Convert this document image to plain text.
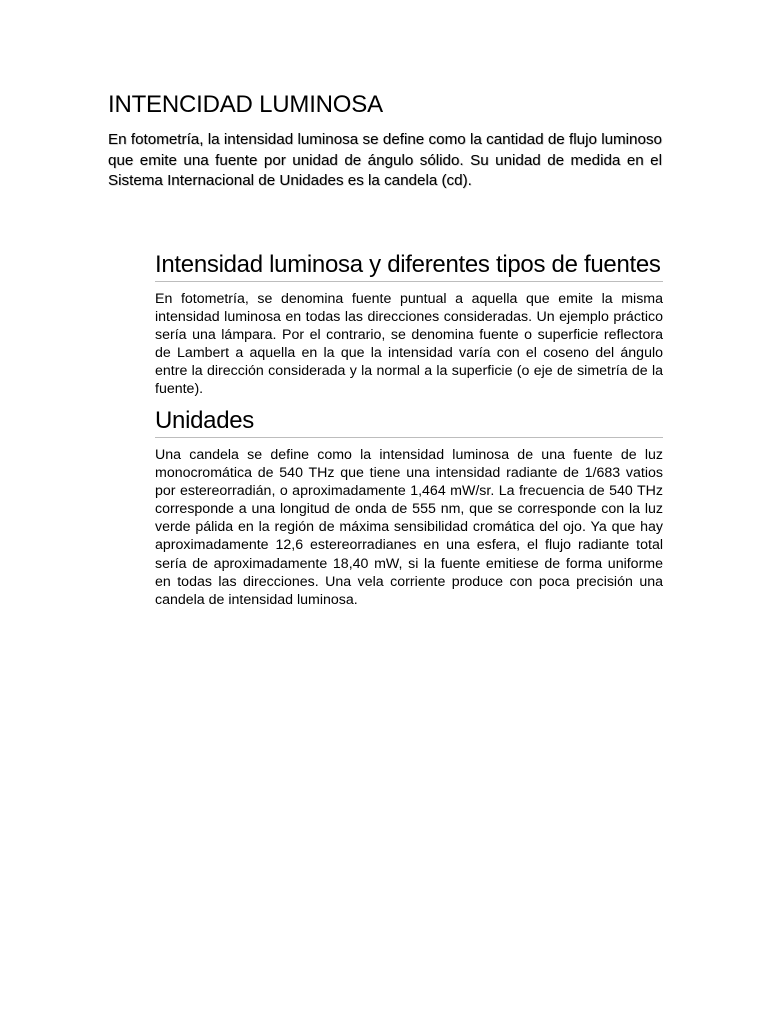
INTENCIDAD LUMINOSA

En fotometría, la intensidad luminosa se define como la cantidad de flujo luminoso que emite una fuente por unidad de ángulo sólido. Su unidad de medida en el Sistema Internacional de Unidades es la candela (cd).

Intensidad luminosa y diferentes tipos de fuentes

En fotometría, se denomina fuente puntual a aquella que emite la misma intensidad luminosa en todas las direcciones consideradas. Un ejemplo práctico sería una lámpara. Por el contrario, se denomina fuente o superficie reflectora de Lambert a aquella en la que la intensidad varía con el coseno del ángulo entre la dirección considerada y la normal a la superficie (o eje de simetría de la fuente).

Unidades

Una candela se define como la intensidad luminosa de una fuente de luz monocromática de 540 THz que tiene una intensidad radiante de 1/683 vatios por estereorradián, o aproximadamente 1,464 mW/sr. La frecuencia de 540 THz corresponde a una longitud de onda de 555 nm, que se corresponde con la luz verde pálida en la región de máxima sensibilidad cromática del ojo. Ya que hay aproximadamente 12,6 estereorradianes en una esfera, el flujo radiante total sería de aproximadamente 18,40 mW, si la fuente emitiese de forma uniforme en todas las direcciones. Una vela corriente produce con poca precisión una candela de intensidad luminosa.
